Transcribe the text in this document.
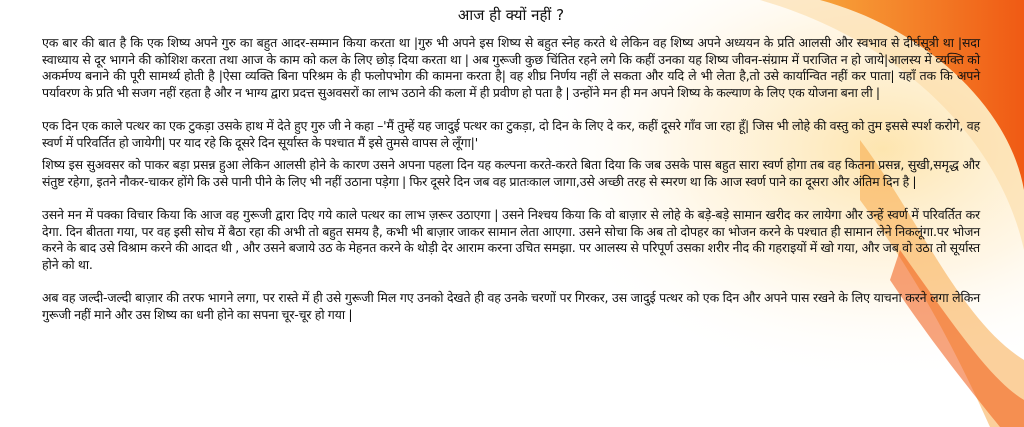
आज ही क्यों नहीं ?

एक बार की बात है कि एक शिष्य अपने गुरु का बहुत आदर-सम्मान किया करता था |गुरु भी अपने इस शिष्य से बहुत स्नेह करते थे लेकिन वह शिष्य अपने अध्ययन के प्रति आलसी और स्वभाव से दीर्घसूत्री था |सदा स्वाध्याय से दूर भागने की कोशिश करता तथा आज के काम को कल के लिए छोड़ दिया करता था | अब गुरूजी कुछ चिंतित रहने लगे कि कहीं उनका यह शिष्य जीवन-संग्राम में पराजित न हो जाये|आलस्य में व्यक्ति को अकर्मण्य बनाने की पूरी सामर्थ्य होती है |ऐसा व्यक्ति बिना परिश्रम के ही फलोपभोग की कामना करता है| वह शीघ्र निर्णय नहीं ले सकता और यदि ले भी लेता है,तो उसे कार्यान्वित नहीं कर पाता| यहाँ तक कि अपने पर्यावरण के प्रति भी सजग नहीं रहता है और न भाग्य द्वारा प्रदत्त सुअवसरों का लाभ उठाने की कला में ही प्रवीण हो पता है | उन्होंने मन ही मन अपने शिष्य के कल्याण के लिए एक योजना बना ली |

एक दिन एक काले पत्थर का एक टुकड़ा उसके हाथ में देते हुए गुरु जी ने कहा –'मैं तुम्हें यह जादुई पत्थर का टुकड़ा, दो दिन के लिए दे कर, कहीं दूसरे गाँव जा रहा हूँ| जिस भी लोहे की वस्तु को तुम इससे स्पर्श करोगे, वह स्वर्ण में परिवर्तित हो जायेगी| पर याद रहे कि दूसरे दिन सूर्यास्त के पश्चात मैं इसे तुमसे वापस ले लूँगा|'

शिष्य इस सुअवसर को पाकर बड़ा प्रसन्न हुआ लेकिन आलसी होने के कारण उसने अपना पहला दिन यह कल्पना करते-करते बिता दिया कि जब उसके पास बहुत सारा स्वर्ण होगा तब वह कितना प्रसन्न, सुखी,समृद्ध और संतुष्ट रहेगा, इतने नौकर-चाकर होंगे कि उसे पानी पीने के लिए भी नहीं उठाना पड़ेगा | फिर दूसरे दिन जब वह प्रातःकाल जागा,उसे अच्छी तरह से स्मरण था कि आज स्वर्ण पाने का दूसरा और अंतिम दिन है |

उसने मन में पक्का विचार किया कि आज वह गुरूजी द्वारा दिए गये काले पत्थर का लाभ ज़रूर उठाएगा | उसने निश्चय किया कि वो बाज़ार से लोहे के बड़े-बड़े सामान खरीद कर लायेगा और उन्हें स्वर्ण में परिवर्तित कर देगा. दिन बीतता गया, पर वह इसी सोच में बैठा रहा की अभी तो बहुत समय है, कभी भी बाज़ार जाकर सामान लेता आएगा. उसने सोचा कि अब तो दोपहर का भोजन करने के पश्चात ही सामान लेने निकलूंगा.पर भोजन करने के बाद उसे विश्राम करने की आदत थी , और उसने बजाये उठ के मेहनत करने के थोड़ी देर आराम करना उचित समझा. पर आलस्य से परिपूर्ण उसका शरीर नीद की गहराइयों में खो गया, और जब वो उठा तो सूर्यास्त होने को था.

अब वह जल्दी-जल्दी बाज़ार की तरफ भागने लगा, पर रास्ते में ही उसे गुरूजी मिल गए उनको देखते ही वह उनके चरणों पर गिरकर, उस जादुई पत्थर को एक दिन और अपने पास रखने के लिए याचना करने लगा लेकिन गुरूजी नहीं माने और उस शिष्य का धनी होने का सपना चूर-चूर हो गया |
